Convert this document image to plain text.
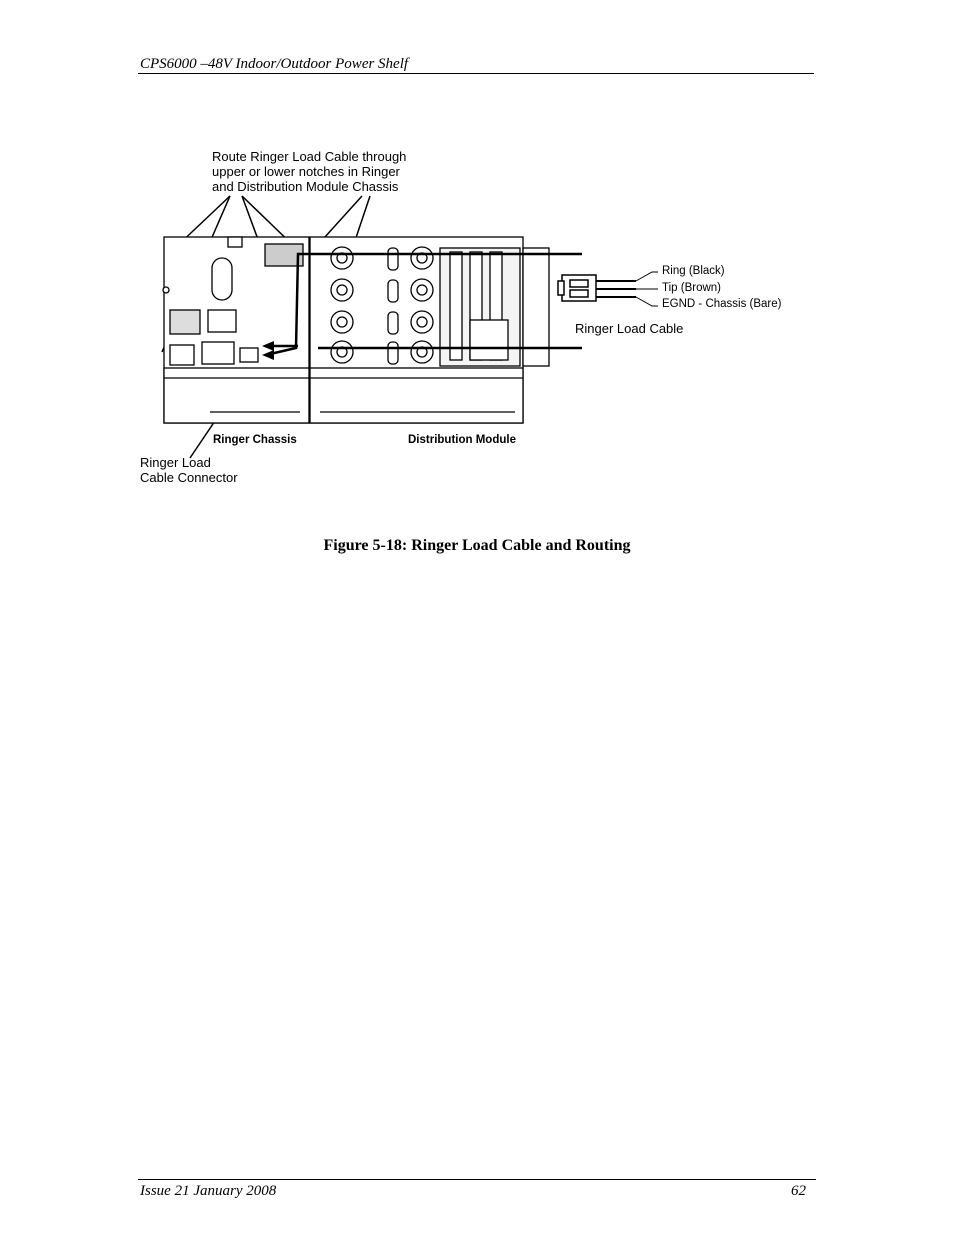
CPS6000 –48V Indoor/Outdoor Power Shelf
Route Ringer Load Cable through
upper or lower notches in Ringer
and Distribution Module Chassis
Ring (Black)
Tip (Brown)
EGND - Chassis (Bare)
Ringer Load Cable
Ringer Chassis	Distribution Module
Ringer Load
Cable Connector
Figure 5-18: Ringer Load Cable and Routing
Issue 21 January 2008	62
